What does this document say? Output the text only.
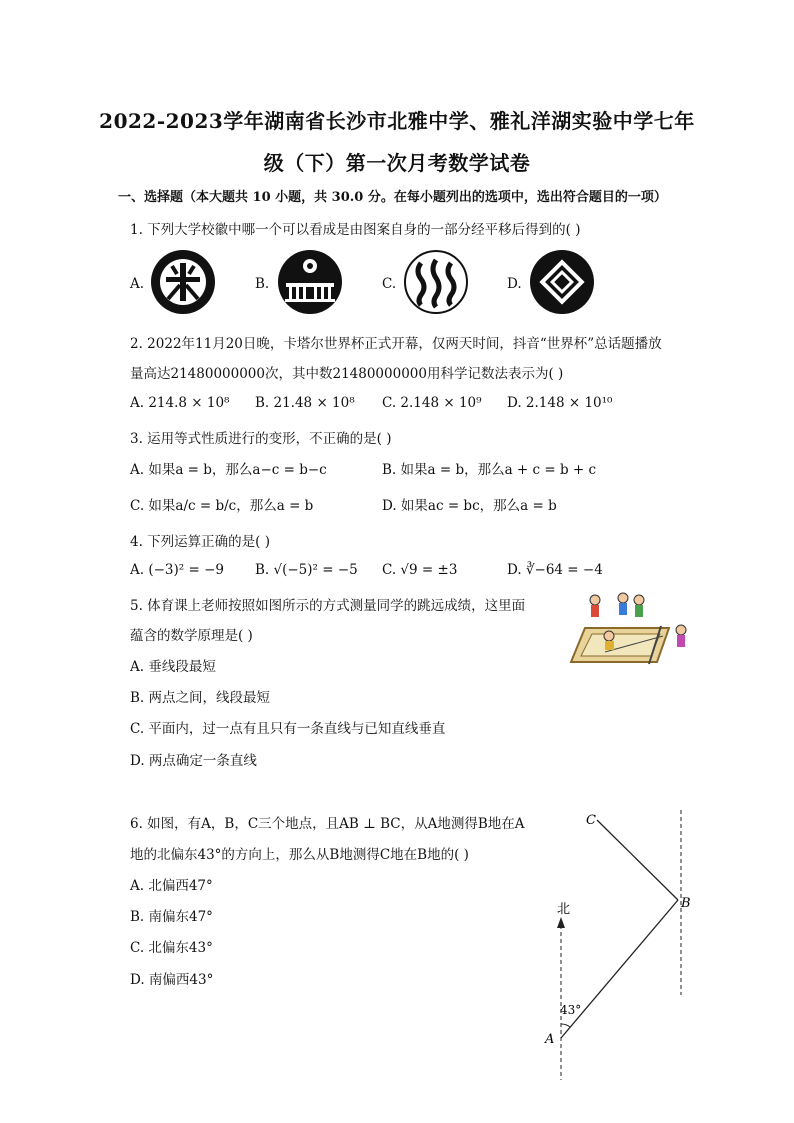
2022-2023学年湖南省长沙市北雅中学、雅礼洋湖实验中学七年
级（下）第一次月考数学试卷
一、选择题（本大题共 10 小题，共 30.0 分。在每小题列出的选项中，选出符合题目的一项）
1. 下列大学校徽中哪一个可以看成是由图案自身的一部分经平移后得到的( )
A.	B.	C.	D.
2. 2022年11月20日晚，卡塔尔世界杯正式开幕，仅两天时间，抖音“世界杯”总话题播放
量高达21480000000次，其中数21480000000用科学记数法表示为( )
A. 214.8 × 10⁸ B. 21.48 × 10⁸ C. 2.148 × 10⁹ D. 2.148 × 10¹⁰
3. 运用等式性质进行的变形，不正确的是( )
A. 如果a = b，那么a−c = b−c	B. 如果a = b，那么a + c = b + c
C. 如果a/c = b/c，那么a = b	D. 如果ac = bc，那么a = b
4. 下列运算正确的是( )
A. (−3)² = −9 B. √(−5)² = −5 C. √9 = ±3	D. ∛−64 = −4
5. 体育课上老师按照如图所示的方式测量同学的跳远成绩，这里面
蕴含的数学原理是( )
A. 垂线段最短
B. 两点之间，线段最短
C. 平面内，过一点有且只有一条直线与已知直线垂直
D. 两点确定一条直线
6. 如图，有A，B，C三个地点，且AB ⊥ BC，从A地测得B地在A
地的北偏东43°的方向上，那么从B地测得C地在B地的( )
A. 北偏西47°
B. 南偏东47°
C. 北偏东43°
D. 南偏西43°
北
43°
A
B
C
